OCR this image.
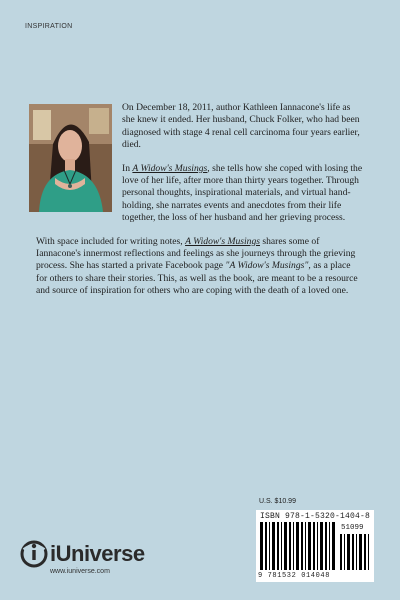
INSPIRATION

On December 18, 2011, author Kathleen Iannacone's life as she knew it ended. Her husband, Chuck Folker, who had been diagnosed with stage 4 renal cell carcinoma four years earlier, died.

In A Widow's Musings, she tells how she coped with losing the love of her life, after more than thirty years together. Through personal thoughts, inspirational materials, and virtual hand-holding, she narrates events and anecdotes from their life together, the loss of her husband and her grieving process.

With space included for writing notes, A Widow's Musings shares some of Iannacone's innermost reflections and feelings as she journeys through the grieving process. She has started a private Facebook page "A Widow's Musings", as a place for others to share their stories. This, as well as the book, are meant to be a resource and source of inspiration for others who are coping with the death of a loved one.

U.S. $10.99
ISBN 978-1-5320-1404-8
51099
9 781532 014048
iUniverse
www.iuniverse.com
